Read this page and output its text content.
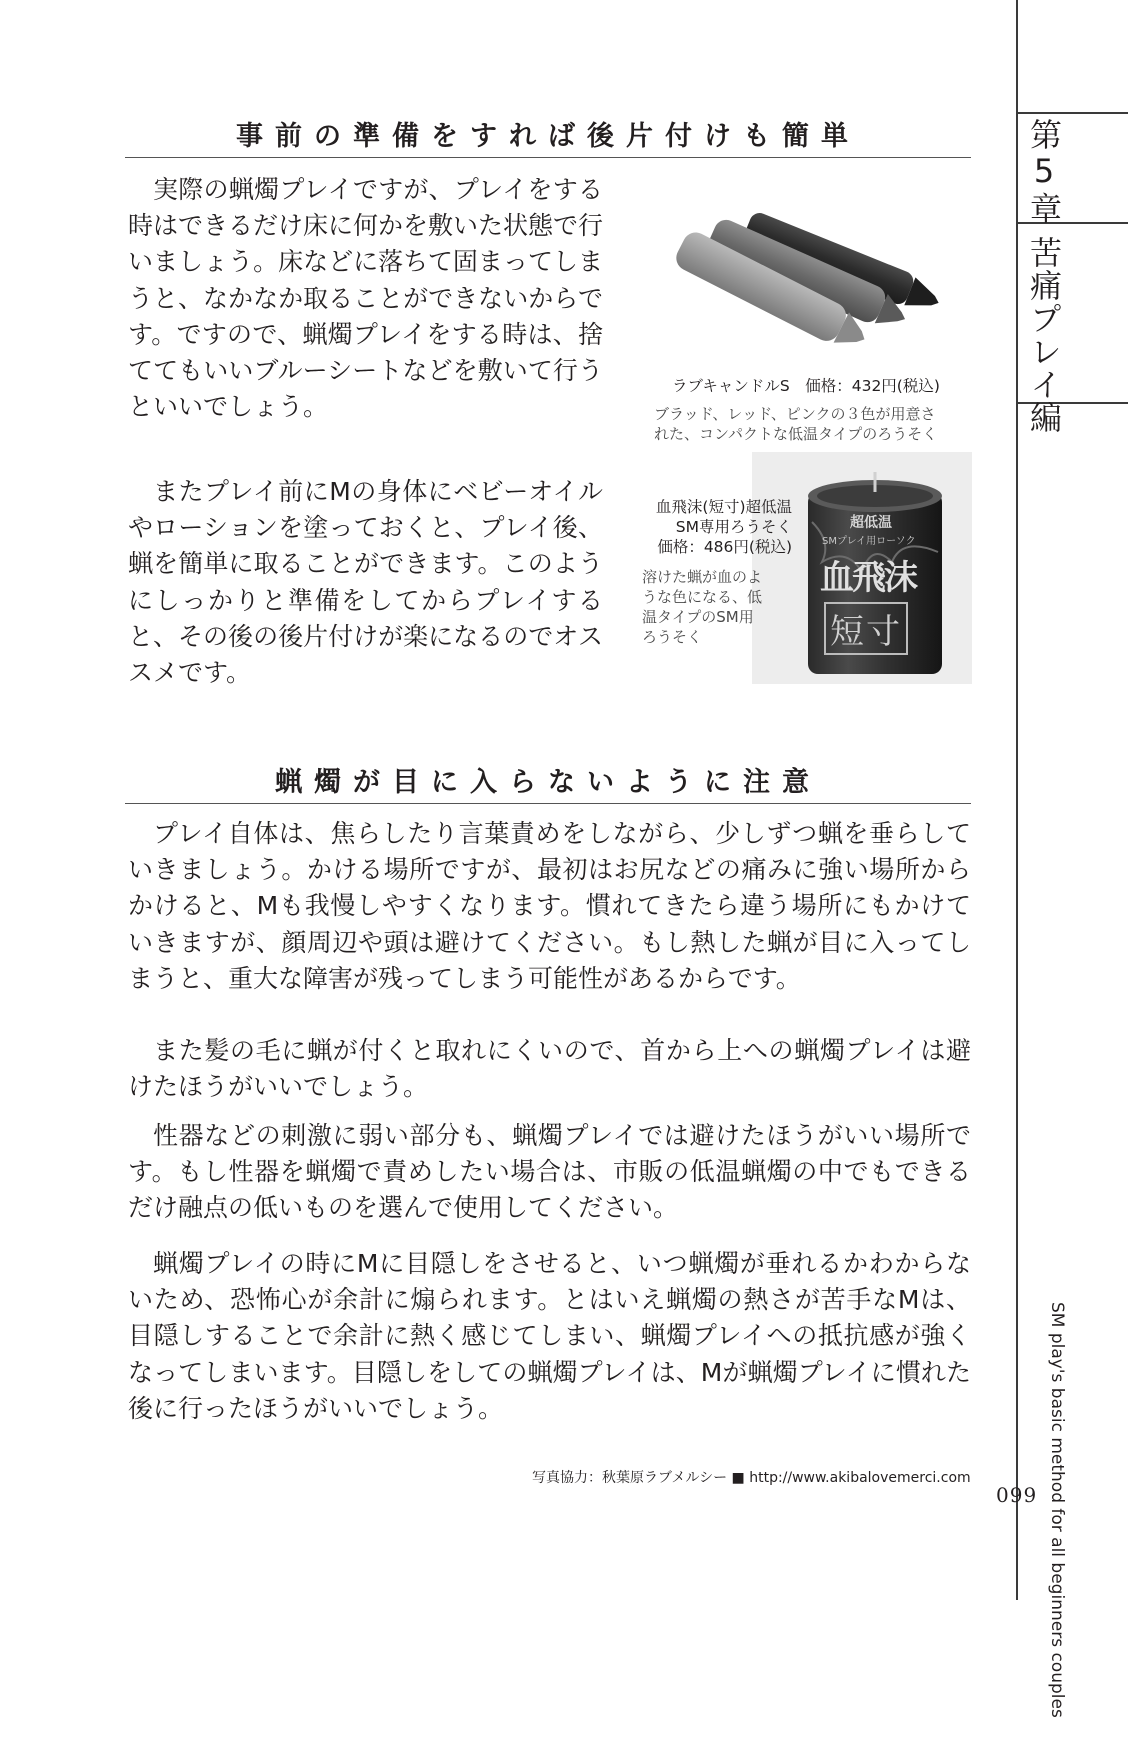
第5章
苦痛プレイ編
SM play's basic method for all beginners couples
事前の準備をすれば後片付けも簡単

実際の蝋燭プレイですが、プレイをする時はできるだけ床に何かを敷いた状態で行いましょう。床などに落ちて固まってしまうと、なかなか取ることができないからです。ですので、蝋燭プレイをする時は、捨ててもいいブルーシートなどを敷いて行うといいでしょう。

またプレイ前にMの身体にベビーオイルやローションを塗っておくと、プレイ後、蝋を簡単に取ることができます。このようにしっかりと準備をしてからプレイすると、その後の後片付けが楽になるのでオススメです。

ラブキャンドルS　価格：432円(税込)
ブラッド、レッド、ピンクの３色が用意さ
れた、コンパクトな低温タイプのろうそく
超低温
SMプレイ用ローソク
血飛沫
短寸
血飛沫(短寸)超低温
SM専用ろうそく
価格：486円(税込)
溶けた蝋が血のよ
うな色になる、低
温タイプのSM用
ろうそく
蝋燭が目に入らないように注意

プレイ自体は、焦らしたり言葉責めをしながら、少しずつ蝋を垂らしていきましょう。かける場所ですが、最初はお尻などの痛みに強い場所からかけると、Mも我慢しやすくなります。慣れてきたら違う場所にもかけていきますが、顔周辺や頭は避けてください。もし熱した蝋が目に入ってしまうと、重大な障害が残ってしまう可能性があるからです。

また髪の毛に蝋が付くと取れにくいので、首から上への蝋燭プレイは避けたほうがいいでしょう。

性器などの刺激に弱い部分も、蝋燭プレイでは避けたほうがいい場所です。もし性器を蝋燭で責めしたい場合は、市販の低温蝋燭の中でもできるだけ融点の低いものを選んで使用してください。

蝋燭プレイの時にMに目隠しをさせると、いつ蝋燭が垂れるかわからないため、恐怖心が余計に煽られます。とはいえ蝋燭の熱さが苦手なMは、目隠しすることで余計に熱く感じてしまい、蝋燭プレイへの抵抗感が強くなってしまいます。目隠しをしての蝋燭プレイは、Mが蝋燭プレイに慣れた後に行ったほうがいいでしょう。

写真協力：秋葉原ラブメルシー ■ http://www.akibalovemerci.com
099
